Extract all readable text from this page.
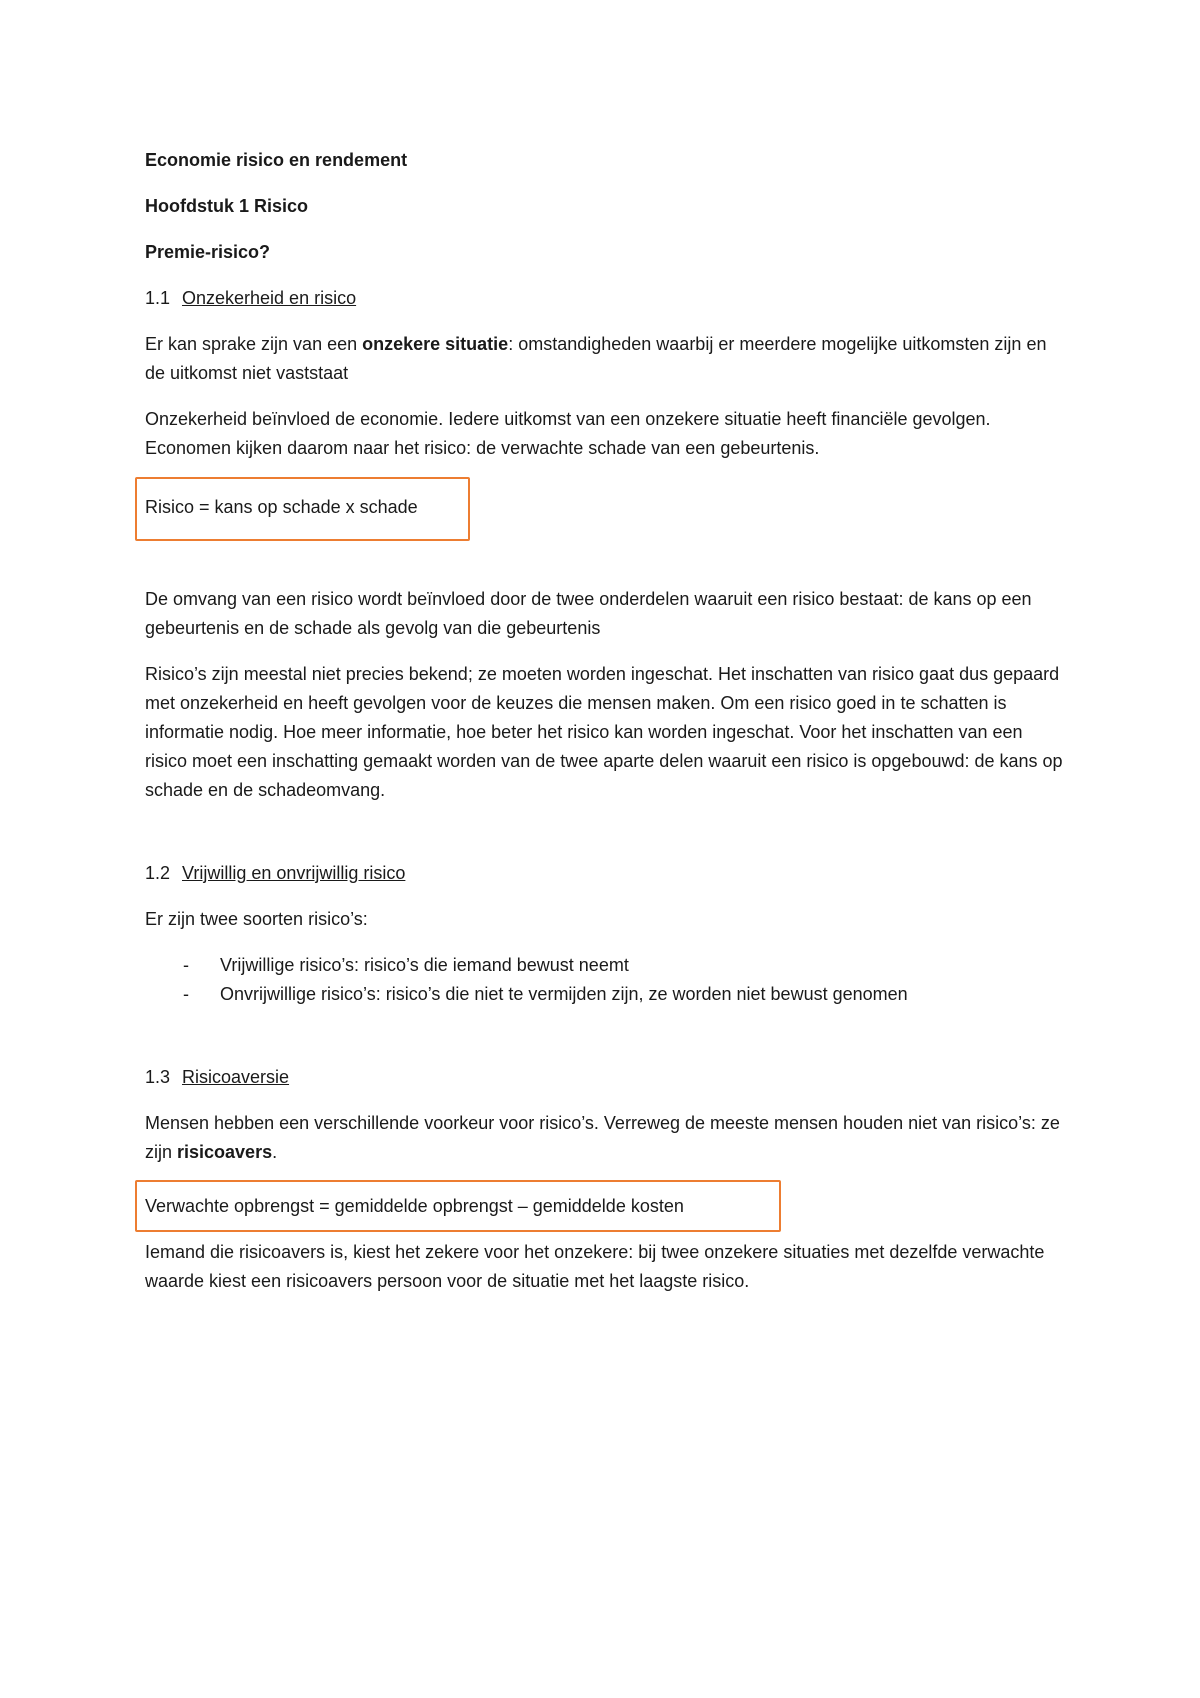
Economie risico en rendement

Hoofdstuk 1 Risico

Premie-risico?

1.1 Onzekerheid en risico

Er kan sprake zijn van een onzekere situatie: omstandigheden waarbij er meerdere mogelijke uitkomsten zijn en de uitkomst niet vaststaat

Onzekerheid beïnvloed de economie. Iedere uitkomst van een onzekere situatie heeft financiële gevolgen. Economen kijken daarom naar het risico: de verwachte schade van een gebeurtenis.

Risico = kans op schade x schade

De omvang van een risico wordt beïnvloed door de twee onderdelen waaruit een risico bestaat: de kans op een gebeurtenis en de schade als gevolg van die gebeurtenis

Risico’s zijn meestal niet precies bekend; ze moeten worden ingeschat. Het inschatten van risico gaat dus gepaard met onzekerheid en heeft gevolgen voor de keuzes die mensen maken. Om een risico goed in te schatten is informatie nodig. Hoe meer informatie, hoe beter het risico kan worden ingeschat. Voor het inschatten van een risico moet een inschatting gemaakt worden van de twee aparte delen waaruit een risico is opgebouwd: de kans op schade en de schadeomvang.

1.2 Vrijwillig en onvrijwillig risico

Er zijn twee soorten risico’s:

- Vrijwillige risico’s: risico’s die iemand bewust neemt
- Onvrijwillige risico’s: risico’s die niet te vermijden zijn, ze worden niet bewust genomen

1.3 Risicoaversie

Mensen hebben een verschillende voorkeur voor risico’s. Verreweg de meeste mensen houden niet van risico’s: ze zijn risicoavers.

Verwachte opbrengst = gemiddelde opbrengst – gemiddelde kosten

Iemand die risicoavers is, kiest het zekere voor het onzekere: bij twee onzekere situaties met dezelfde verwachte waarde kiest een risicoavers persoon voor de situatie met het laagste risico.
